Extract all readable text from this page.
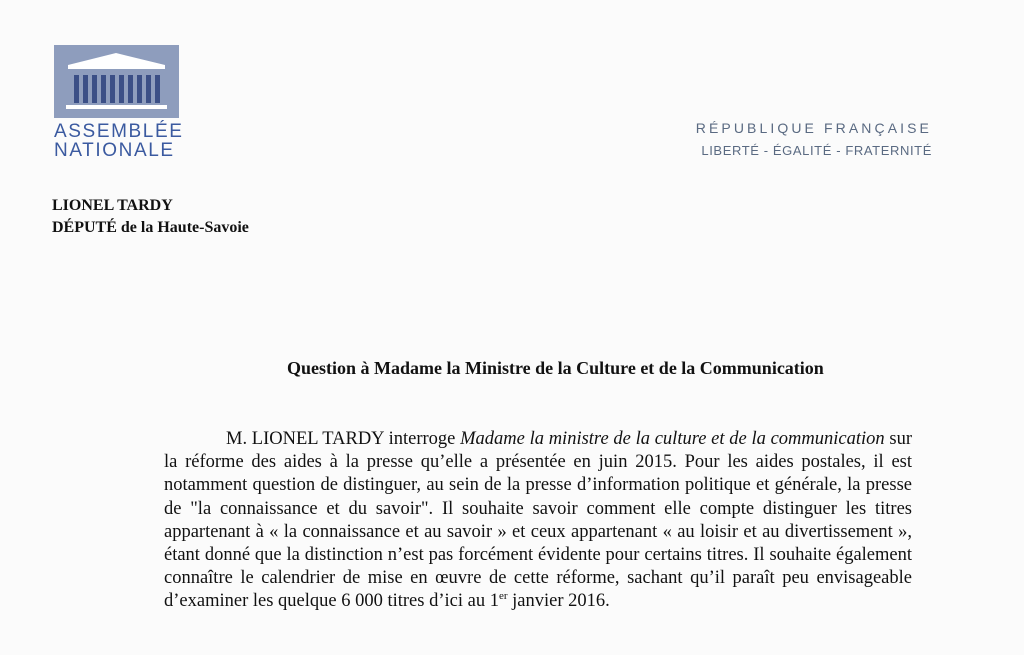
ASSEMBLÉE
NATIONALE
RÉPUBLIQUE FRANÇAISE
LIBERTÉ - ÉGALITÉ - FRATERNITÉ
LIONEL TARDY
DÉPUTÉ de la Haute-Savoie
Question à Madame la Ministre de la Culture et de la Communication
M. LIONEL TARDY interroge Madame la ministre de la culture et de la communication sur la réforme des aides à la presse qu’elle a présentée en juin 2015. Pour les aides postales, il est notamment question de distinguer, au sein de la presse d’information politique et générale, la presse de "la connaissance et du savoir". Il souhaite savoir comment elle compte distinguer les titres appartenant à « la connaissance et au savoir » et ceux appartenant « au loisir et au divertissement », étant donné que la distinction n’est pas forcément évidente pour certains titres. Il souhaite également connaître le calendrier de mise en œuvre de cette réforme, sachant qu’il paraît peu envisageable d’examiner les quelque 6 000 titres d’ici au 1er janvier 2016.
